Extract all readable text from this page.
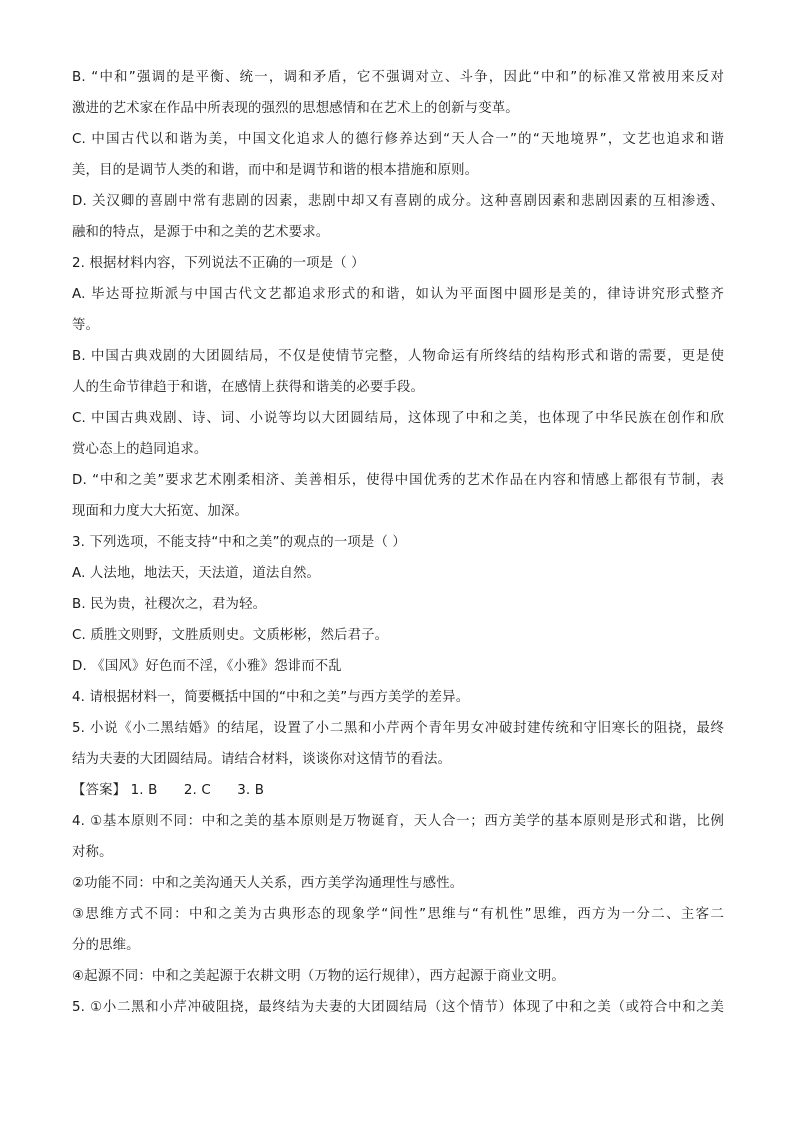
B. “中和”强调的是平衡、统一，调和矛盾，它不强调对立、斗争，因此“中和”的标准又常被用来反对
激进的艺术家在作品中所表现的强烈的思想感情和在艺术上的创新与变革。
C. 中国古代以和谐为美，中国文化追求人的德行修养达到“天人合一”的“天地境界”，文艺也追求和谐
美，目的是调节人类的和谐，而中和是调节和谐的根本措施和原则。
D. 关汉卿的喜剧中常有悲剧的因素，悲剧中却又有喜剧的成分。这种喜剧因素和悲剧因素的互相渗透、
融和的特点，是源于中和之美的艺术要求。
2. 根据材料内容，下列说法不正确的一项是（ ）
A. 毕达哥拉斯派与中国古代文艺都追求形式的和谐，如认为平面图中圆形是美的，律诗讲究形式整齐
等。
B. 中国古典戏剧的大团圆结局，不仅是使情节完整，人物命运有所终结的结构形式和谐的需要，更是使
人的生命节律趋于和谐，在感情上获得和谐美的必要手段。
C. 中国古典戏剧、诗、词、小说等均以大团圆结局，这体现了中和之美，也体现了中华民族在创作和欣
赏心态上的趋同追求。
D. “中和之美”要求艺术刚柔相济、美善相乐，使得中国优秀的艺术作品在内容和情感上都很有节制，表
现面和力度大大拓宽、加深。
3. 下列选项，不能支持“中和之美”的观点的一项是（ ）
A. 人法地，地法天，天法道，道法自然。
B. 民为贵，社稷次之，君为轻。
C. 质胜文则野，文胜质则史。文质彬彬，然后君子。
D. 《国风》好色而不淫，《小雅》怨诽而不乱
4. 请根据材料一，简要概括中国的“中和之美”与西方美学的差异。
5. 小说《小二黑结婚》的结尾，设置了小二黑和小芹两个青年男女冲破封建传统和守旧寒长的阻挠，最终
结为夫妻的大团圆结局。请结合材料，谈谈你对这情节的看法。
【答案】 1. B 2. C 3. B
4. ①基本原则不同：中和之美的基本原则是万物诞育，天人合一；西方美学的基本原则是形式和谐，比例
对称。
②功能不同：中和之美沟通天人关系，西方美学沟通理性与感性。
③思维方式不同：中和之美为古典形态的现象学“间性”思维与“有机性”思维，西方为一分二、主客二
分的思维。
④起源不同：中和之美起源于农耕文明（万物的运行规律），西方起源于商业文明。
5. ①小二黑和小芹冲破阻挠，最终结为夫妻的大团圆结局（这个情节）体现了中和之美（或符合中和之美
